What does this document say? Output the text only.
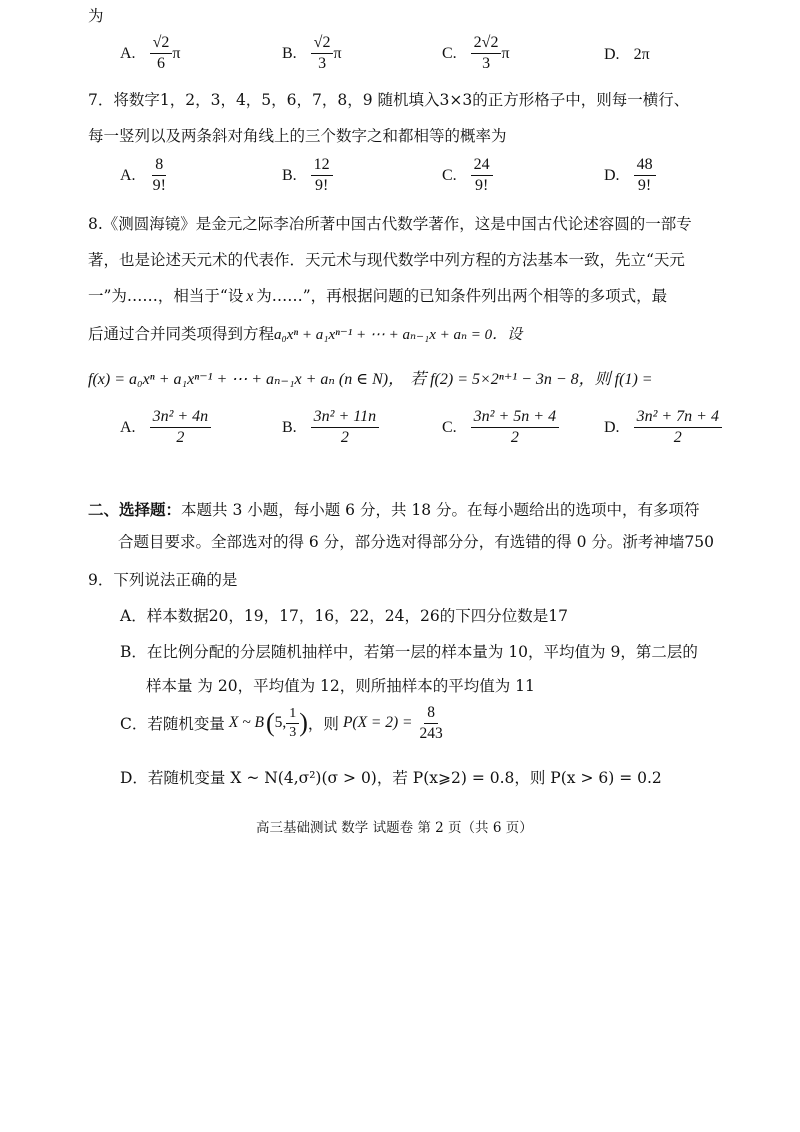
为
A. $\frac{√2}{6}$ π	B. $\frac{√2}{3}$ π	C. $\frac{2√2}{3}$ π	D. 2π
7．将数字1，2，3，4，5，6，7，8，9 随机填入3×3的正方形格子中，则每一横行、
每一竖列以及两条斜对角线上的三个数字之和都相等的概率为
A. $\frac{8}{9!}$	B. $\frac{12}{9!}$	C. $\frac{24}{9!}$	D. $\frac{48}{9!}$
8.《测圆海镜》是金元之际李冶所著中国古代数学著作，这是中国古代论述容圆的一部专
著，也是论述天元术的代表作．天元术与现代数学中列方程的方法基本一致，先立“天元
一”为……，相当于“设 x 为……”，再根据问题的已知条件列出两个相等的多项式，最
后通过合并同类项得到方程a₀xⁿ + a₁xⁿ⁻¹ + ⋯ + aₙ₋₁x + aₙ = 0．设
f(x) = a₀xⁿ + a₁xⁿ⁻¹ + ⋯ + aₙ₋₁x + aₙ (n ∈ N)， 若 f(2) = 5×2ⁿ⁺¹ − 3n − 8，则 f(1) =
A. $\frac{\text{3n² + 4n}}{2}$	B. $\frac{\text{3n² + 11n}}{2}$	C. $\frac{\text{3n² + 5n + 4}}{2}$	D. $\frac{\text{3n² + 7n + 4}}{2}$
二、选择题：本题共 3 小题，每小题 6 分，共 18 分。在每小题给出的选项中，有多项符
合题目要求。全部选对的得 6 分，部分选对得部分分，有选错的得 0 分。浙考神墙750
9．下列说法正确的是
A．样本数据20，19，17，16，22，24，26的下四分位数是17
B．在比例分配的分层随机抽样中，若第一层的样本量为 10，平均值为 9，第二层的
样本量 为 20，平均值为 12，则所抽样本的平均值为 11
C．若随机变量 X ~ B ( 5, $\frac{1}{3}$ ) ，则 $P(X = 2) = \frac{8}{243}$
D．若随机变量 X ~ N(4,σ²)(σ > 0)，若 P(x⩾2) = 0.8，则 P(x > 6) = 0.2
高三基础测试 数学 试题卷 第 2 页（共 6 页）
